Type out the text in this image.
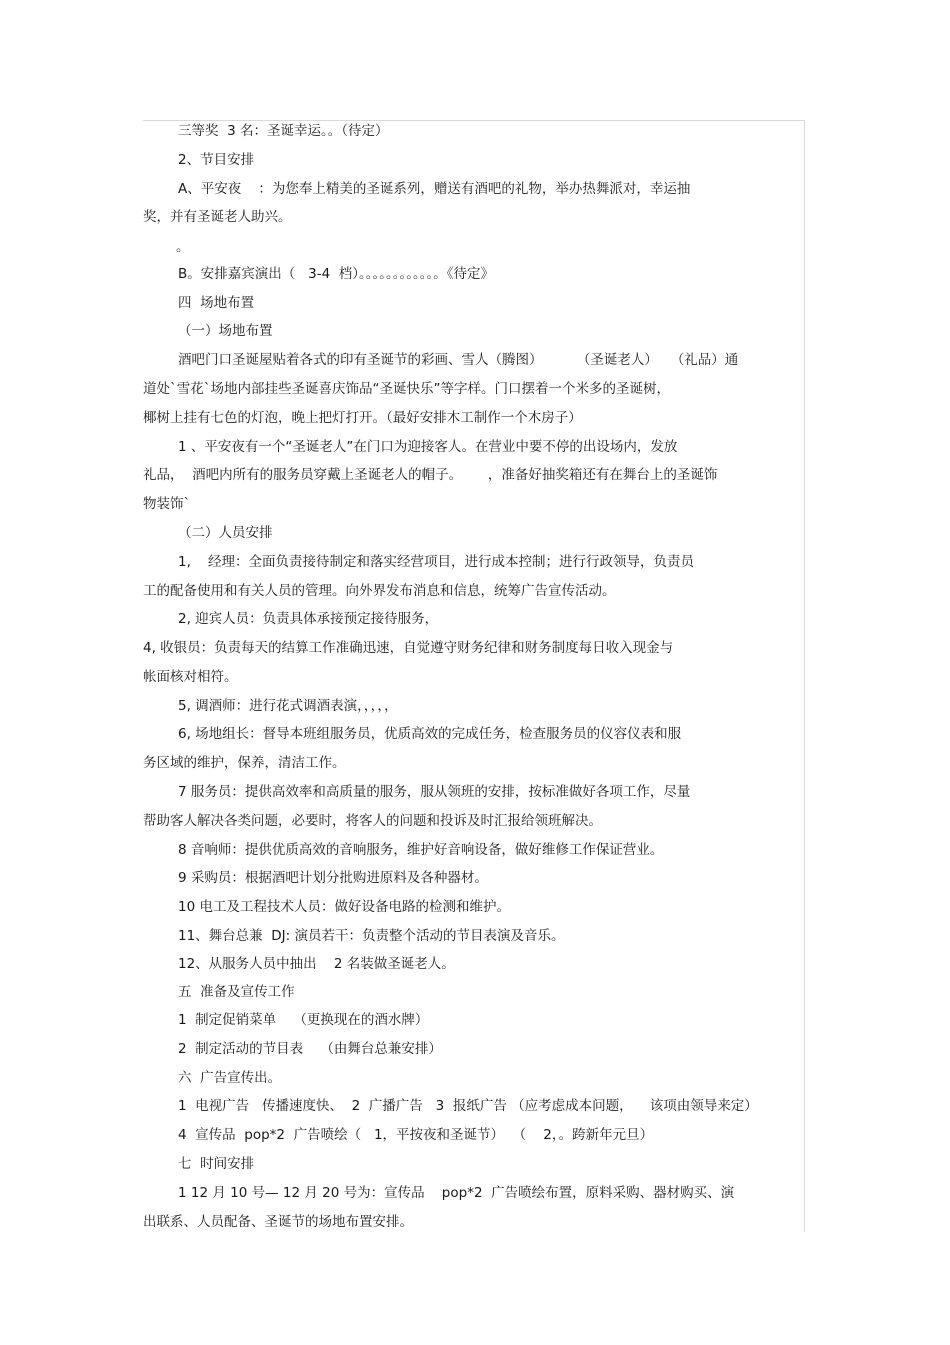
三等奖  3 名：圣诞幸运。。（待定）
2、节目安排
A、平安夜    ：为您奉上精美的圣诞系列，赠送有酒吧的礼物，举办热舞派对，幸运抽
奖，并有圣诞老人助兴。
。
B。安排嘉宾演出（   3-4  档）。。。。。。。。。。。。《待定》
四  场地布置
（一）场地布置
酒吧门口圣诞屋贴着各式的印有圣诞节的彩画、雪人（腾图）        （圣诞老人）   （礼品）通
道处`雪花`场地内部挂些圣诞喜庆饰品“圣诞快乐”等字样。门口摆着一个米多的圣诞树，
椰树上挂有七色的灯泡，晚上把灯打开。（最好安排木工制作一个木房子）
1 、平安夜有一个“圣诞老人”在门口为迎接客人。在营业中要不停的出设场内，发放
礼品，  酒吧内所有的服务员穿戴上圣诞老人的帽子。      ，准备好抽奖箱还有在舞台上的圣诞饰
物装饰`
（二）人员安排
1,    经理：全面负责接待制定和落实经营项目，进行成本控制；进行行政领导，负责员
工的配备使用和有关人员的管理。向外界发布消息和信息，统筹广告宣传活动。
2, 迎宾人员：负责具体承接预定接待服务，
4, 收银员：负责每天的结算工作准确迅速，自觉遵守财务纪律和财务制度每日收入现金与
帐面核对相符。
5, 调酒师：进行花式调酒表演，，，，，
6, 场地组长：督导本班组服务员，优质高效的完成任务，检查服务员的仪容仪表和服
务区域的维护，保养，清洁工作。
7 服务员：提供高效率和高质量的服务，服从领班的安排，按标准做好各项工作，尽量
帮助客人解决各类问题，必要时，将客人的问题和投诉及时汇报给领班解决。
8 音响师：提供优质高效的音响服务，维护好音响设备，做好维修工作保证营业。
9 采购员：根据酒吧计划分批购进原料及各种器材。
10 电工及工程技术人员：做好设备电路的检测和维护。
11、舞台总兼  DJ: 演员若干：负责整个活动的节目表演及音乐。
12、从服务人员中抽出    2 名装做圣诞老人。
五  准备及宣传工作
1  制定促销菜单    （更换现在的酒水牌）
2  制定活动的节目表    （由舞台总兼安排）
六  广告宣传出。
1  电视广告   传播速度快、  2  广播广告   3  报纸广告 （应考虑成本问题，    该项由领导来定）
4  宣传品  pop*2  广告喷绘（   1，平按夜和圣诞节）  （    2，。跨新年元旦）
七  时间安排
1 12 月 10 号— 12 月 20 号为：宣传品    pop*2  广告喷绘布置，原料采购、器材购买、演
出联系、人员配备、圣诞节的场地布置安排。
